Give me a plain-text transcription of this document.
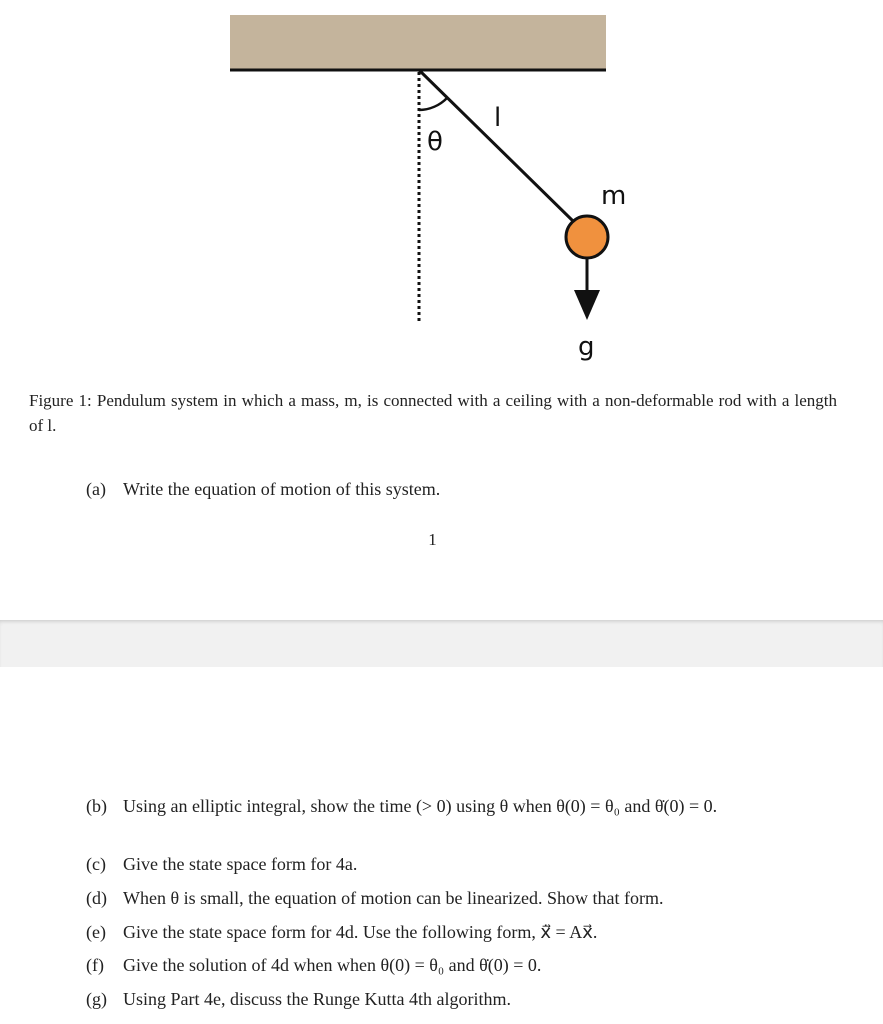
θ
l
m
g
Figure 1: Pendulum system in which a mass, m, is connected with a ceiling with a non-deformable rod with a length of l.
(a) Write the equation of motion of this system.
1
(b) Using an elliptic integral, show the time (> 0) using θ when θ(0) = θ₀ and θ̇(0) = 0.
(c) Give the state space form for 4a.
(d) When θ is small, the equation of motion can be linearized. Show that form.
(e) Give the state space form for 4d. Use the following form, ẋ⃗ = Ax⃗.
(f) Give the solution of 4d when when θ(0) = θ₀ and θ̇(0) = 0.
(g) Using Part 4e, discuss the Runge Kutta 4th algorithm.
